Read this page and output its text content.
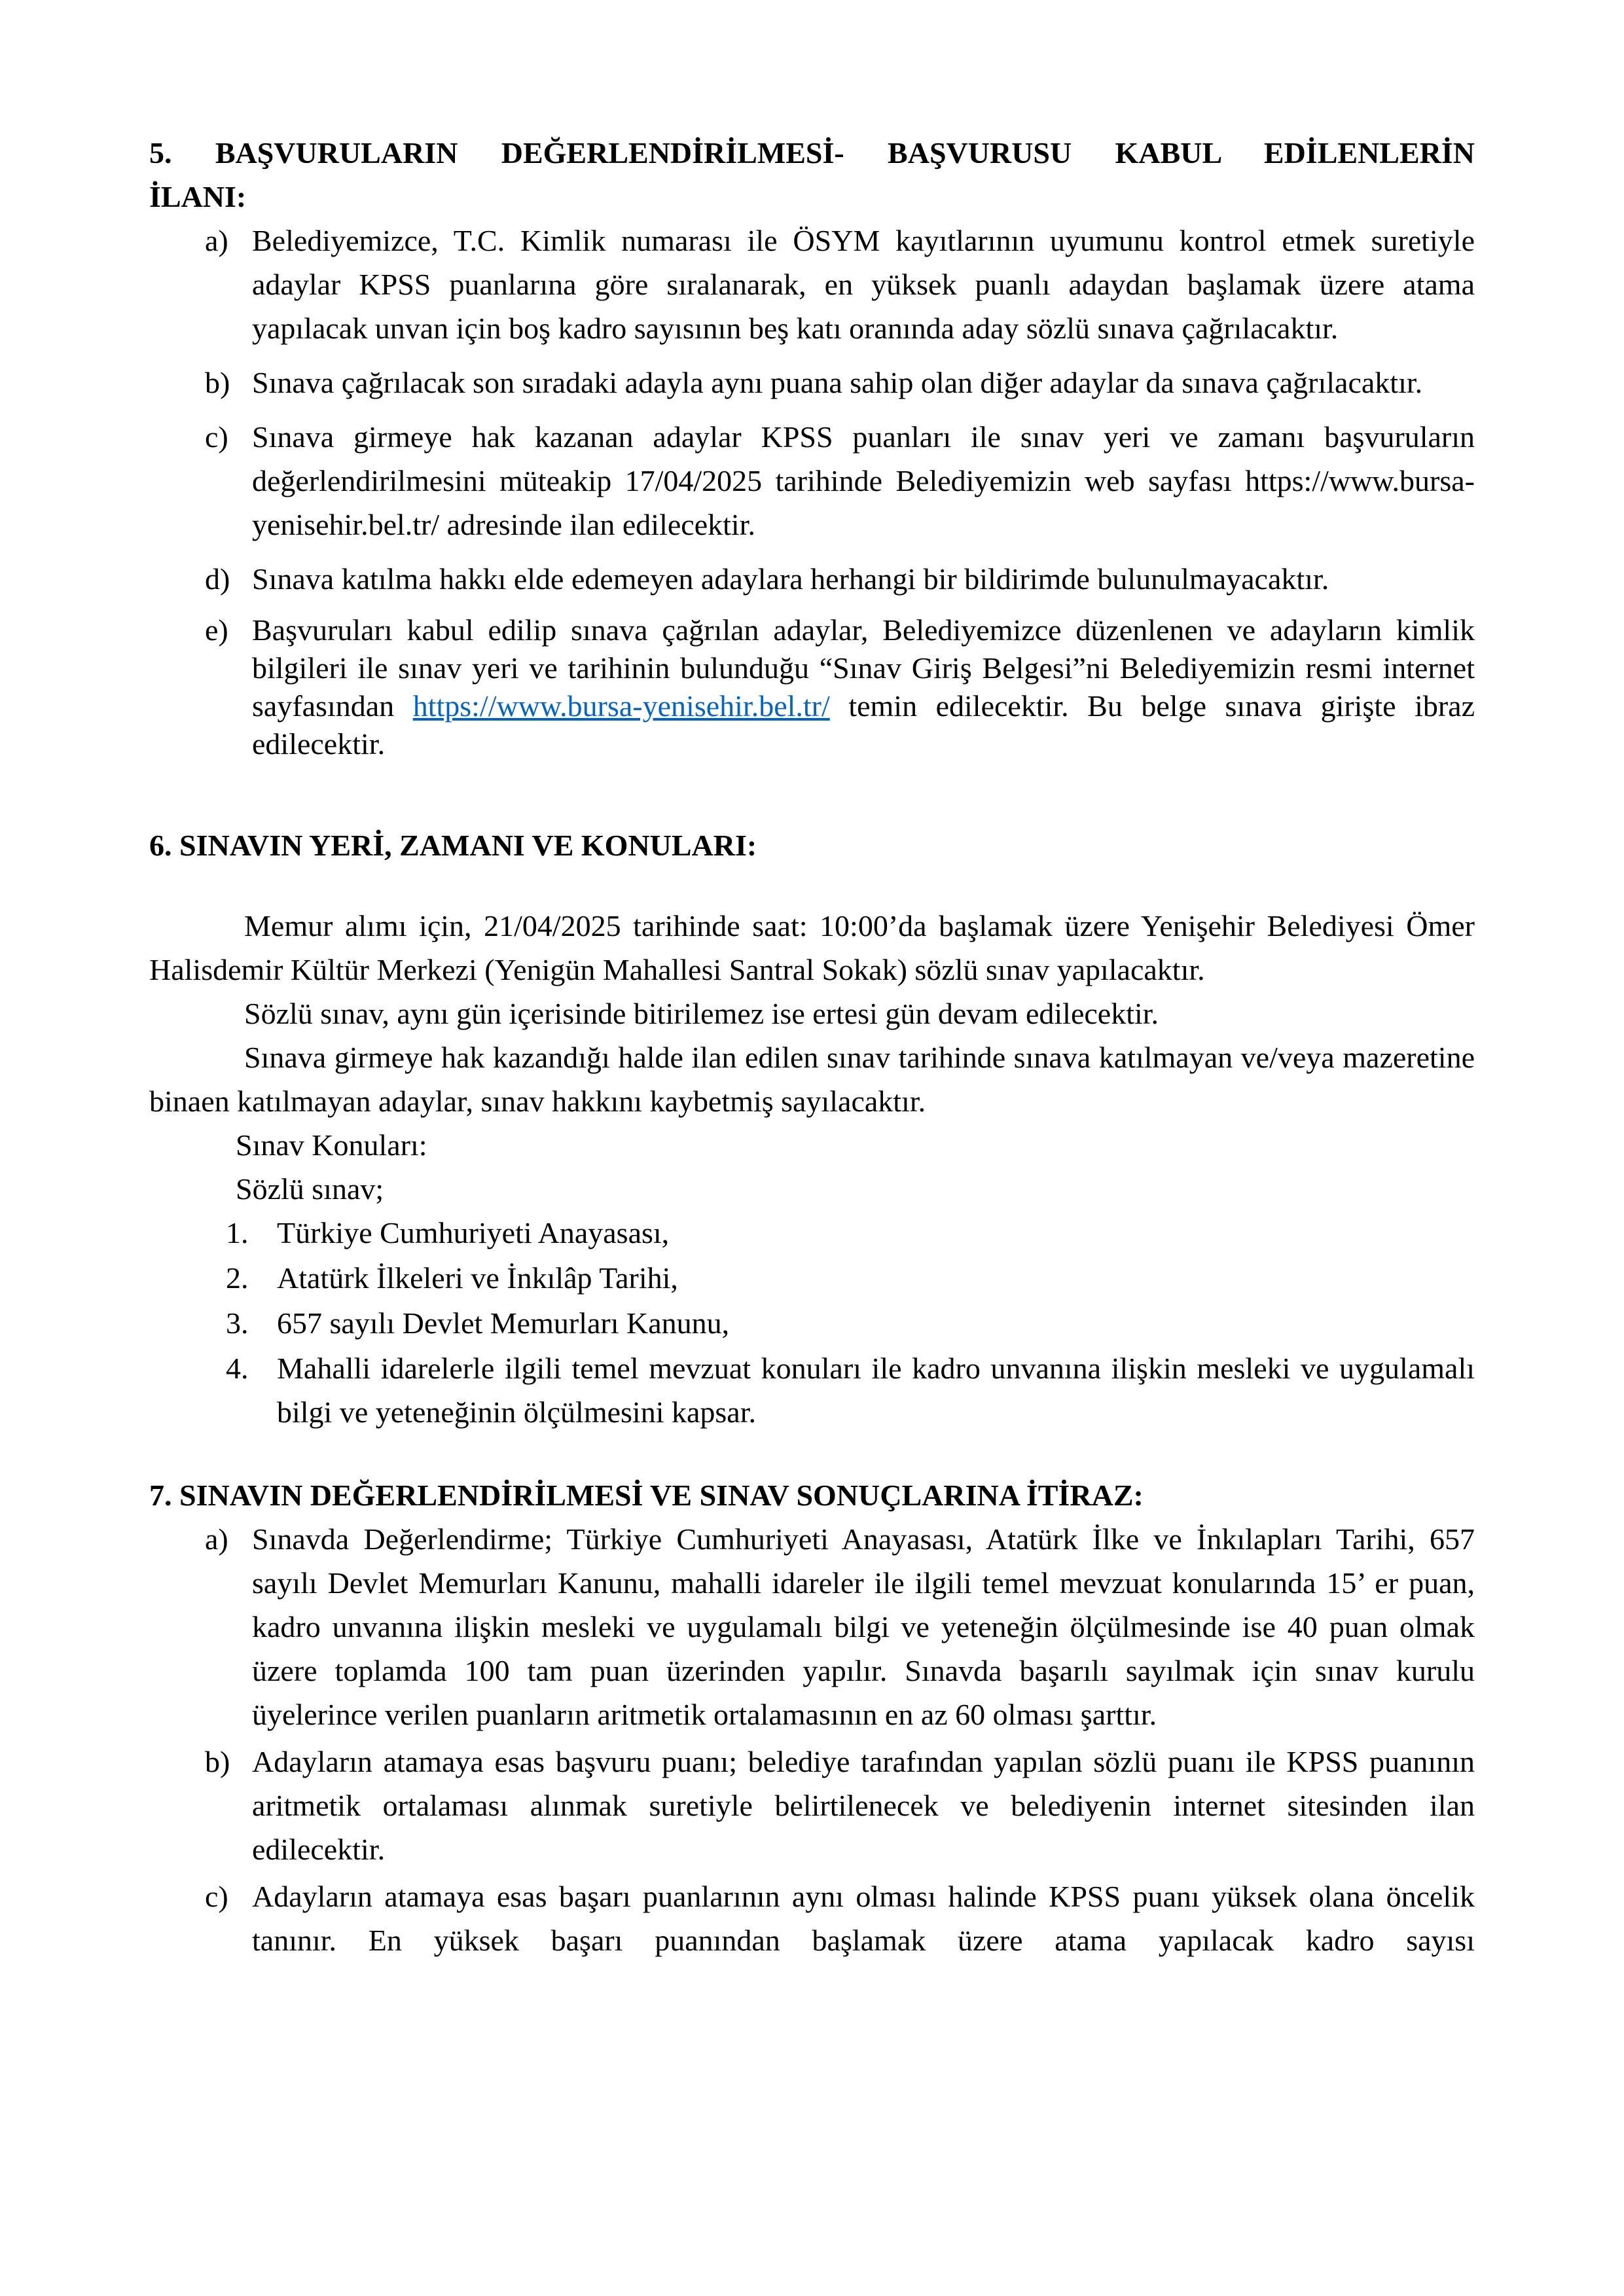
5. BAŞVURULARIN DEĞERLENDİRİLMESİ- BAŞVURUSU KABUL EDİLENLERİN
İLANI:

a) Belediyemizce, T.C. Kimlik numarası ile ÖSYM kayıtlarının uyumunu kontrol etmek suretiyle adaylar KPSS puanlarına göre sıralanarak, en yüksek puanlı adaydan başlamak üzere atama yapılacak unvan için boş kadro sayısının beş katı oranında aday sözlü sınava çağrılacaktır.
b) Sınava çağrılacak son sıradaki adayla aynı puana sahip olan diğer adaylar da sınava çağrılacaktır.
c) Sınava girmeye hak kazanan adaylar KPSS puanları ile sınav yeri ve zamanı başvuruların değerlendirilmesini müteakip 17/04/2025 tarihinde Belediyemizin web sayfası https://www.bursa-yenisehir.bel.tr/ adresinde ilan edilecektir.
d) Sınava katılma hakkı elde edemeyen adaylara herhangi bir bildirimde bulunulmayacaktır.
e) Başvuruları kabul edilip sınava çağrılan adaylar, Belediyemizce düzenlenen ve adayların kimlik bilgileri ile sınav yeri ve tarihinin bulunduğu “Sınav Giriş Belgesi”ni Belediyemizin resmi internet sayfasından https://www.bursa-yenisehir.bel.tr/ temin edilecektir. Bu belge sınava girişte ibraz edilecektir.

6. SINAVIN YERİ, ZAMANI VE KONULARI:

Memur alımı için, 21/04/2025 tarihinde saat: 10:00’da başlamak üzere Yenişehir Belediyesi Ömer Halisdemir Kültür Merkezi (Yenigün Mahallesi Santral Sokak) sözlü sınav yapılacaktır.

Sözlü sınav, aynı gün içerisinde bitirilemez ise ertesi gün devam edilecektir.

Sınava girmeye hak kazandığı halde ilan edilen sınav tarihinde sınava katılmayan ve/veya mazeretine binaen katılmayan adaylar, sınav hakkını kaybetmiş sayılacaktır.

Sınav Konuları:

Sözlü sınav;

1. Türkiye Cumhuriyeti Anayasası,
2. Atatürk İlkeleri ve İnkılâp Tarihi,
3. 657 sayılı Devlet Memurları Kanunu,
4. Mahalli idarelerle ilgili temel mevzuat konuları ile kadro unvanına ilişkin mesleki ve uygulamalı bilgi ve yeteneğinin ölçülmesini kapsar.

7. SINAVIN DEĞERLENDİRİLMESİ VE SINAV SONUÇLARINA İTİRAZ:

a) Sınavda Değerlendirme; Türkiye Cumhuriyeti Anayasası, Atatürk İlke ve İnkılapları Tarihi, 657 sayılı Devlet Memurları Kanunu, mahalli idareler ile ilgili temel mevzuat konularında 15’ er puan, kadro unvanına ilişkin mesleki ve uygulamalı bilgi ve yeteneğin ölçülmesinde ise 40 puan olmak üzere toplamda 100 tam puan üzerinden yapılır. Sınavda başarılı sayılmak için sınav kurulu üyelerince verilen puanların aritmetik ortalamasının en az 60 olması şarttır.
b) Adayların atamaya esas başvuru puanı; belediye tarafından yapılan sözlü puanı ile KPSS puanının aritmetik ortalaması alınmak suretiyle belirtilenecek ve belediyenin internet sitesinden ilan edilecektir.
c) Adayların atamaya esas başarı puanlarının aynı olması halinde KPSS puanı yüksek olana öncelik tanınır. En yüksek başarı puanından başlamak üzere atama yapılacak kadro sayısı
